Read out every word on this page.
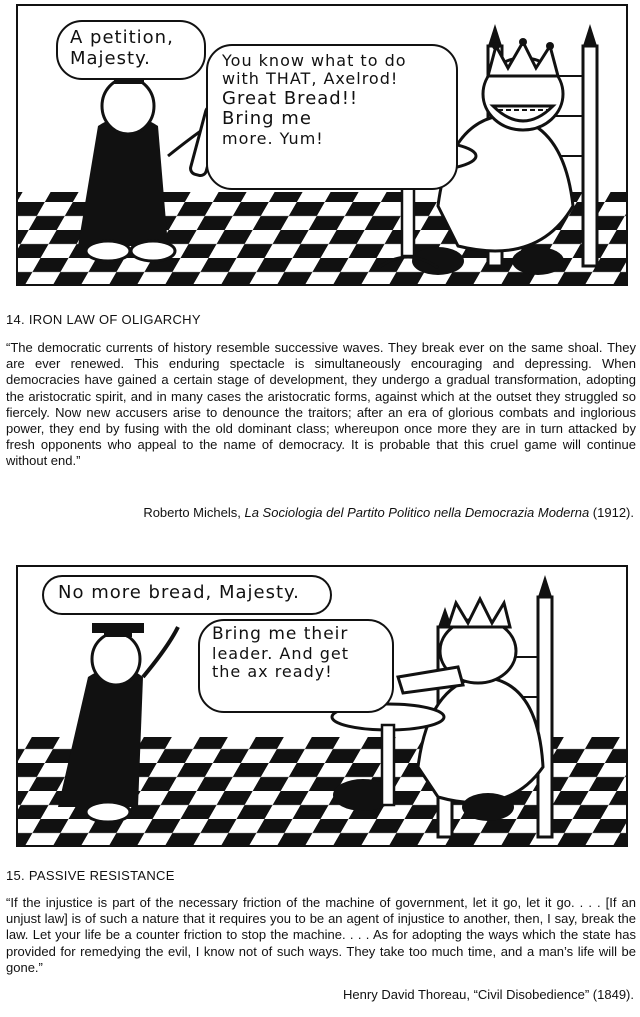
A petition,
Majesty.	You know what to do
with THAT, Axelrod!
Great Bread!!
Bring me
more. Yum!
14. IRON LAW OF OLIGARCHY

“The democratic currents of history resemble successive waves. They break ever on the same shoal. They are ever renewed. This enduring spectacle is simultaneously encouraging and depressing. When democracies have gained a certain stage of development, they undergo a gradual transformation, adopting the aristocratic spirit, and in many cases the aristocratic forms, against which at the outset they struggled so fiercely. Now new accusers arise to denounce the traitors; after an era of glorious combats and inglorious power, they end by fusing with the old dominant class; whereupon once more they are in turn attacked by fresh opponents who appeal to the name of democracy. It is probable that this cruel game will continue without end.”

Roberto Michels, La Sociologia del Partito Politico nella Democrazia Moderna (1912).
No more bread, Majesty.
Bring me their
leader. And get
the ax ready!
15. PASSIVE RESISTANCE

“If the injustice is part of the necessary friction of the machine of government, let it go, let it go. . . . [If an unjust law] is of such a nature that it requires you to be an agent of injustice to another, then, I say, break the law. Let your life be a counter friction to stop the machine. . . . As for adopting the ways which the state has provided for remedying the evil, I know not of such ways. They take too much time, and a man’s life will be gone.”

Henry David Thoreau, “Civil Disobedience” (1849).
